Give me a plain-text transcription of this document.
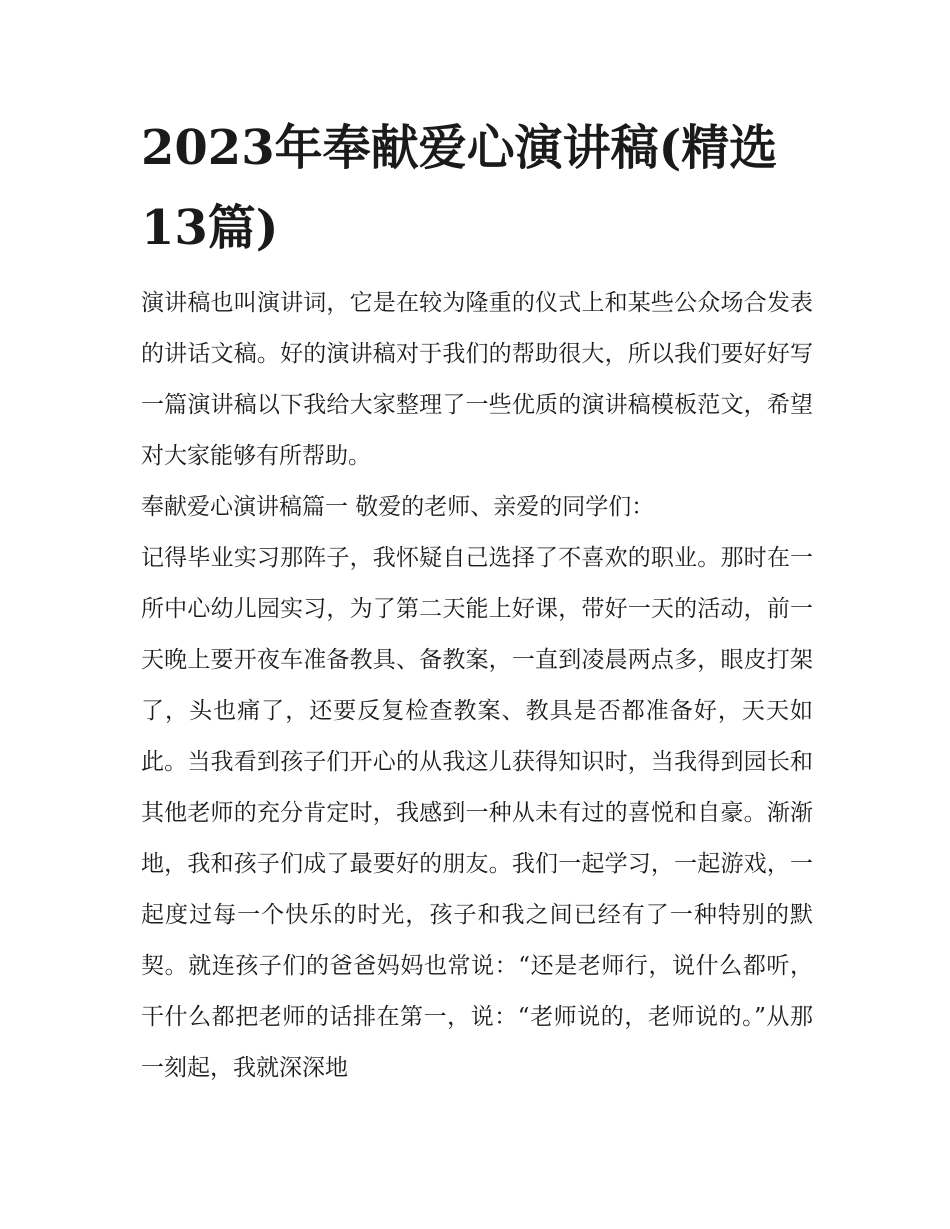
2023年奉献爱心演讲稿(精选13篇)

演讲稿也叫演讲词，它是在较为隆重的仪式上和某些公众场合发表的讲话文稿。好的演讲稿对于我们的帮助很大，所以我们要好好写一篇演讲稿以下我给大家整理了一些优质的演讲稿模板范文，希望对大家能够有所帮助。

奉献爱心演讲稿篇一 敬爱的老师、亲爱的同学们：

记得毕业实习那阵子，我怀疑自己选择了不喜欢的职业。那时在一所中心幼儿园实习，为了第二天能上好课，带好一天的活动，前一天晚上要开夜车准备教具、备教案，一直到凌晨两点多，眼皮打架了，头也痛了，还要反复检查教案、教具是否都准备好，天天如此。当我看到孩子们开心的从我这儿获得知识时，当我得到园长和其他老师的充分肯定时，我感到一种从未有过的喜悦和自豪。渐渐地，我和孩子们成了最要好的朋友。我们一起学习，一起游戏，一起度过每一个快乐的时光，孩子和我之间已经有了一种特别的默契。就连孩子们的爸爸妈妈也常说：“还是老师行，说什么都听，干什么都把老师的话排在第一，说：“老师说的，老师说的。”从那一刻起，我就深深地
